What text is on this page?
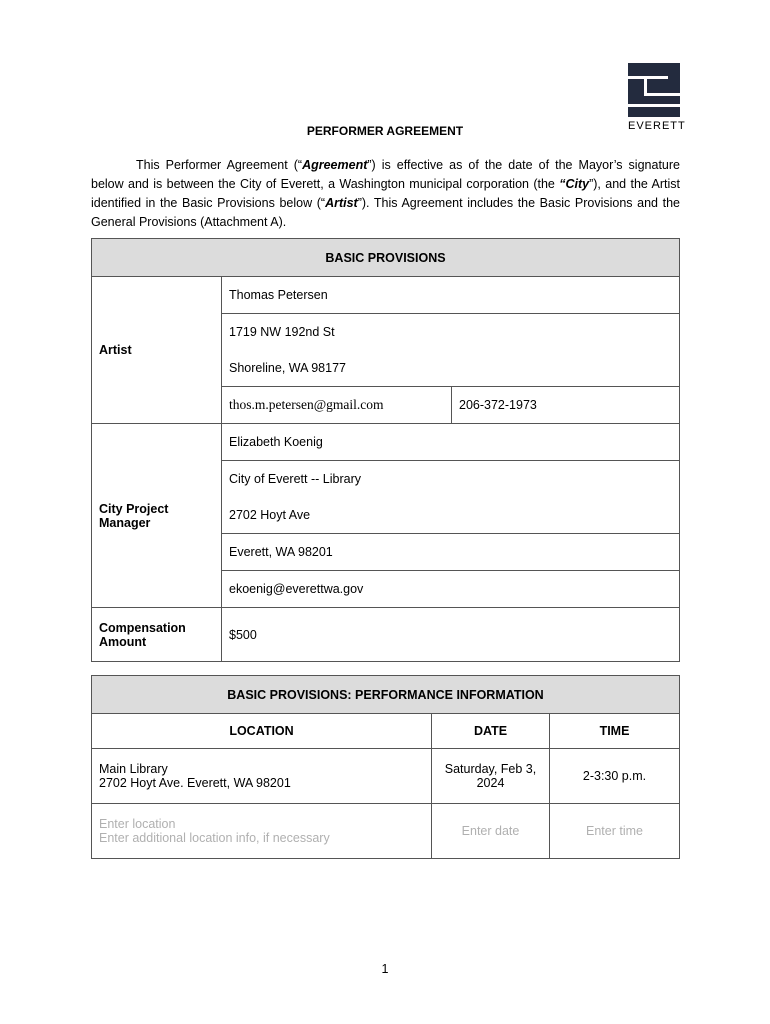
EVERETT
PERFORMER AGREEMENT

This Performer Agreement (“Agreement”) is effective as of the date of the Mayor’s signature below and is between the City of Everett, a Washington municipal corporation (the “City”), and the Artist identified in the Basic Provisions below (“Artist”). This Agreement includes the Basic Provisions and the General Provisions (Attachment A).

BASIC PROVISIONS		
Artist	Thomas Petersen	
	1719 NW 192nd St	
	Shoreline, WA 98177	
	thos.m.petersen@gmail.com	206-372-1973
City Project Manager	Elizabeth Koenig	
	City of Everett -- Library	
	2702 Hoyt Ave	
	Everett, WA 98201	
	ekoenig@everettwa.gov	
Compensation Amount	$500	
BASIC PROVISIONS: PERFORMANCE INFORMATION		
LOCATION	DATE	TIME

Main Library
2702 Hoyt Ave. Everett, WA 98201	Saturday, Feb 3, 2024	2-3:30 p.m.

Enter location
Enter additional location info, if necessary	Enter date	Enter time
1
